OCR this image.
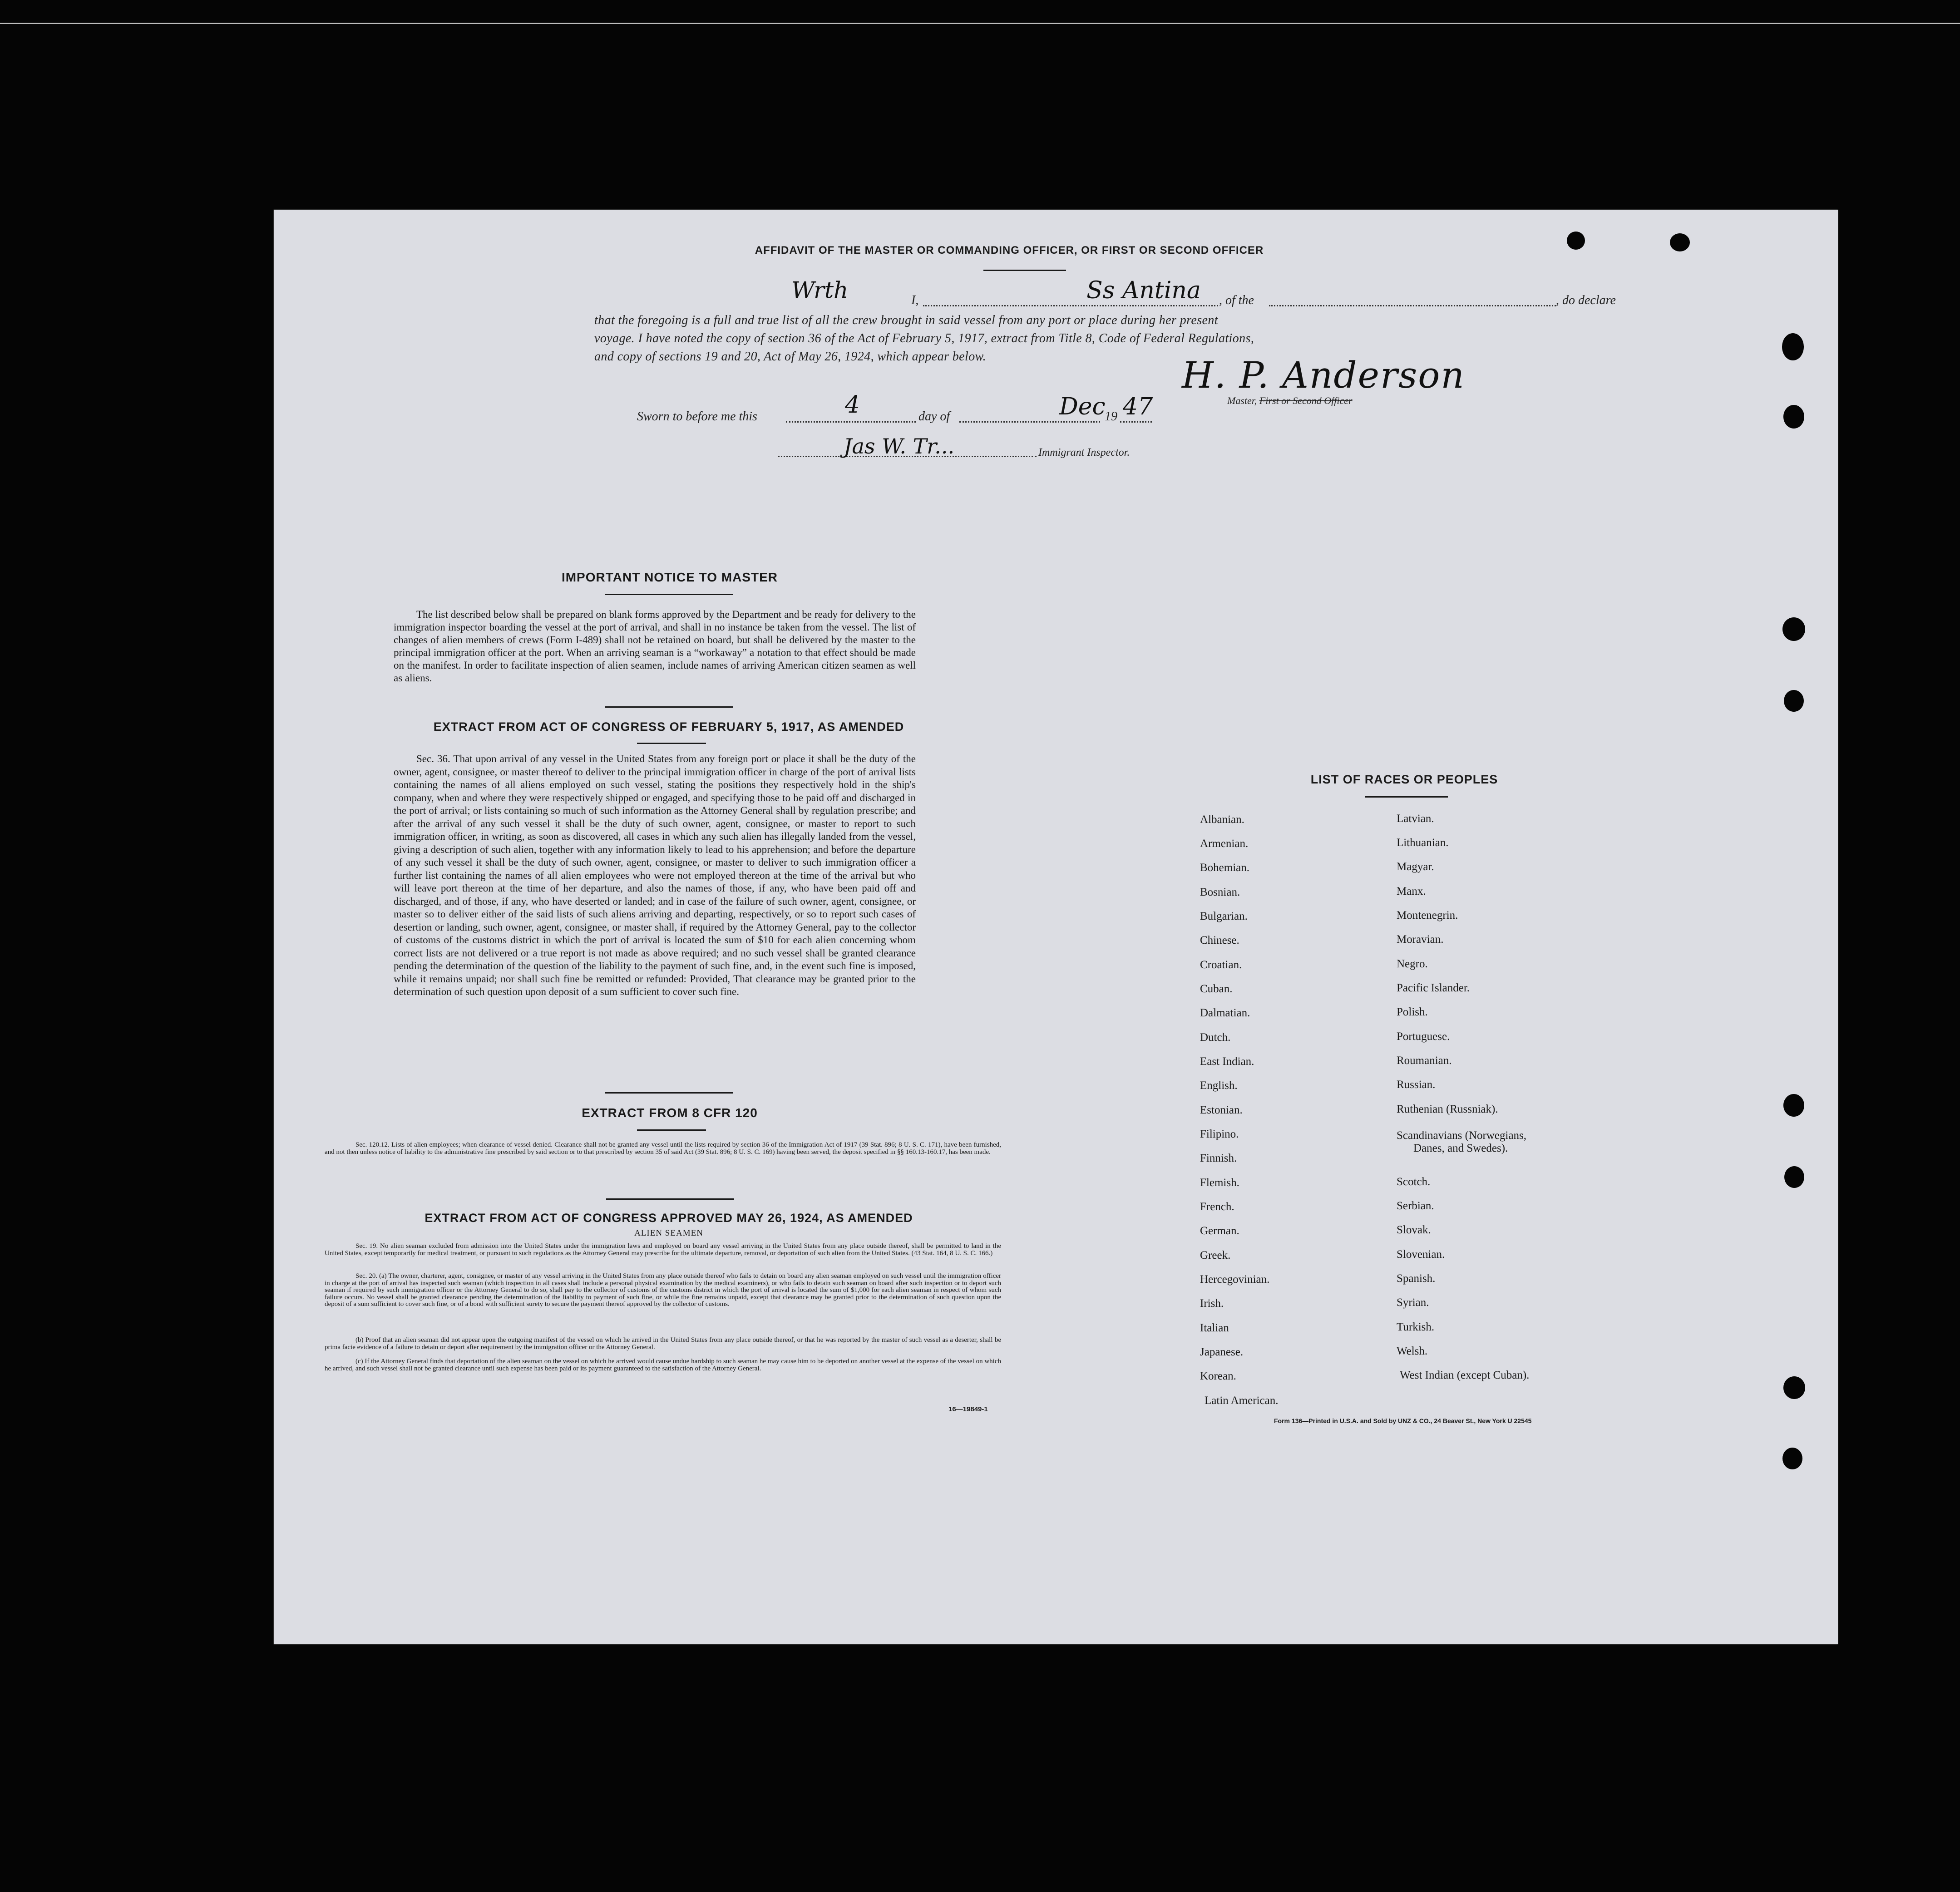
AFFIDAVIT OF THE MASTER OR COMMANDING OFFICER, OR FIRST OR SECOND OFFICER
I,	, of the	, do declare
Wrth	Ss Antina
that the foregoing is a full and true list of all the crew brought in said vessel from any port or place during her present
voyage. I have noted the copy of section 36 of the Act of February 5, 1917, extract from Title 8, Code of Federal Regulations,
and copy of sections 19 and 20, Act of May 26, 1924, which appear below.	H. P. Anderson
Master, First or Second Officer
Sworn to before me this	day of	19
4	Dec 47
Immigrant Inspector.
Jas W. Tr...
IMPORTANT NOTICE TO MASTER
The list described below shall be prepared on blank forms approved by the Department and be ready for delivery to the immigration inspector boarding the vessel at the port of arrival, and shall in no instance be taken from the vessel. The list of changes of alien members of crews (Form I-489) shall not be retained on board, but shall be delivered by the master to the principal immigration officer at the port. When an arriving seaman is a “workaway” a notation to that effect should be made on the manifest. In order to facilitate inspection of alien seamen, include names of arriving American citizen seamen as well as aliens.
EXTRACT FROM ACT OF CONGRESS OF FEBRUARY 5, 1917, AS AMENDED
Sec. 36. That upon arrival of any vessel in the United States from any foreign port or place it shall be the duty of the owner, agent, consignee, or master thereof to deliver to the principal immigration officer in charge of the port of arrival lists containing the names of all aliens employed on such vessel, stating the positions they respectively hold in the ship's company, when and where they were respectively shipped or engaged, and specifying those to be paid off and discharged in the port of arrival; or lists containing so much of such information as the Attorney General shall by regulation prescribe; and after the arrival of any such vessel it shall be the duty of such owner, agent, consignee, or master to report to such immigration officer, in writing, as soon as discovered, all cases in which any such alien has illegally landed from the vessel, giving a description of such alien, together with any information likely to lead to his apprehension; and before the departure of any such vessel it shall be the duty of such owner, agent, consignee, or master to deliver to such immigration officer a further list containing the names of all alien employees who were not employed thereon at the time of the arrival but who will leave port thereon at the time of her departure, and also the names of those, if any, who have been paid off and discharged, and of those, if any, who have deserted or landed; and in case of the failure of such owner, agent, consignee, or master so to deliver either of the said lists of such aliens arriving and departing, respectively, or so to report such cases of desertion or landing, such owner, agent, consignee, or master shall, if required by the Attorney General, pay to the collector of customs of the customs district in which the port of arrival is located the sum of $10 for each alien concerning whom correct lists are not delivered or a true report is not made as above required; and no such vessel shall be granted clearance pending the determination of the question of the liability to the payment of such fine, and, in the event such fine is imposed, while it remains unpaid; nor shall such fine be remitted or refunded: Provided, That clearance may be granted prior to the determination of such question upon deposit of a sum sufficient to cover such fine.
EXTRACT FROM 8 CFR 120
Sec. 120.12. Lists of alien employees; when clearance of vessel denied. Clearance shall not be granted any vessel until the lists required by section 36 of the Immigration Act of 1917 (39 Stat. 896; 8 U. S. C. 171), have been furnished, and not then unless notice of liability to the administrative fine prescribed by said section or to that prescribed by section 35 of said Act (39 Stat. 896; 8 U. S. C. 169) having been served, the deposit specified in §§ 160.13-160.17, has been made.
EXTRACT FROM ACT OF CONGRESS APPROVED MAY 26, 1924, AS AMENDED
ALIEN SEAMEN
Sec. 19. No alien seaman excluded from admission into the United States under the immigration laws and employed on board any vessel arriving in the United States from any place outside thereof, shall be permitted to land in the United States, except temporarily for medical treatment, or pursuant to such regulations as the Attorney General may prescribe for the ultimate departure, removal, or deportation of such alien from the United States. (43 Stat. 164, 8 U. S. C. 166.)
Sec. 20. (a) The owner, charterer, agent, consignee, or master of any vessel arriving in the United States from any place outside thereof who fails to detain on board any alien seaman employed on such vessel until the immigration officer in charge at the port of arrival has inspected such seaman (which inspection in all cases shall include a personal physical examination by the medical examiners), or who fails to detain such seaman on board after such inspection or to deport such seaman if required by such immigration officer or the Attorney General to do so, shall pay to the collector of customs of the customs district in which the port of arrival is located the sum of $1,000 for each alien seaman in respect of whom such failure occurs. No vessel shall be granted clearance pending the determination of the liability to payment of such fine, or while the fine remains unpaid, except that clearance may be granted prior to the determination of such question upon the deposit of a sum sufficient to cover such fine, or of a bond with sufficient surety to secure the payment thereof approved by the collector of customs.
(b) Proof that an alien seaman did not appear upon the outgoing manifest of the vessel on which he arrived in the United States from any place outside thereof, or that he was reported by the master of such vessel as a deserter, shall be prima facie evidence of a failure to detain or deport after requirement by the immigration officer or the Attorney General.
(c) If the Attorney General finds that deportation of the alien seaman on the vessel on which he arrived would cause undue hardship to such seaman he may cause him to be deported on another vessel at the expense of the vessel on which he arrived, and such vessel shall not be granted clearance until such expense has been paid or its payment guaranteed to the satisfaction of the Attorney General.
16—19849-1
LIST OF RACES OR PEOPLES
Albanian.
Armenian.
Bohemian.
Bosnian.
Bulgarian.
Chinese.
Croatian.
Cuban.
Dalmatian.
Dutch.
East Indian.
English.
Estonian.
Filipino.
Finnish.
Flemish.
French.
German.
Greek.
Hercegovinian.
Irish.
Italian
Japanese.
Korean.
Latin American.
Latvian.
Lithuanian.
Magyar.
Manx.
Montenegrin.
Moravian.
Negro.
Pacific Islander.
Polish.
Portuguese.
Roumanian.
Russian.
Ruthenian (Russniak).
Scandinavians (Norwegians,
Danes, and Swedes).
Scotch.
Serbian.
Slovak.
Slovenian.
Spanish.
Syrian.
Turkish.
Welsh.
West Indian (except Cuban).
Form 136—Printed in U.S.A. and Sold by UNZ & CO., 24 Beaver St., New York U 22545
